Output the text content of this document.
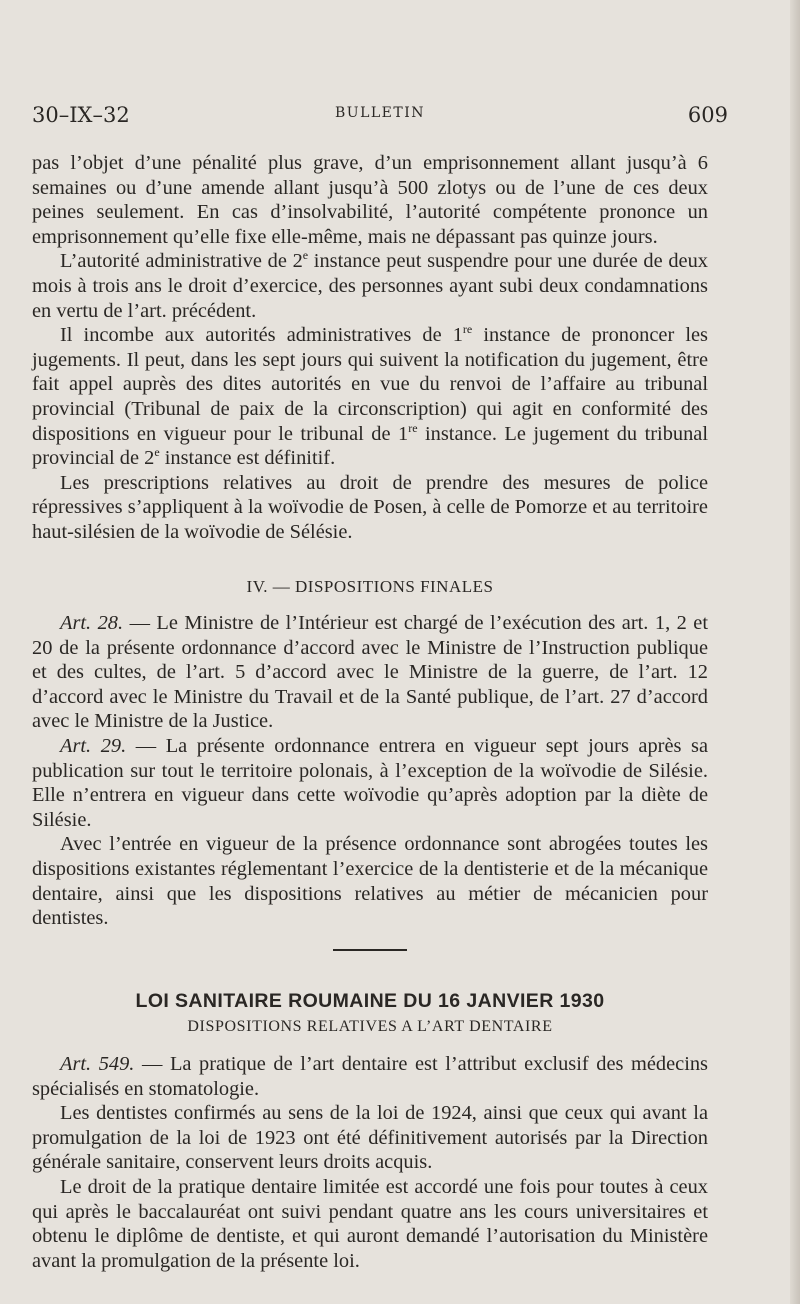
30–IX–32	BULLETIN	609

pas l’objet d’une pénalité plus grave, d’un emprisonnement allant jusqu’à 6 semaines ou d’une amende allant jusqu’à 500 zlotys ou de l’une de ces deux peines seulement. En cas d’insolvabilité, l’autorité compétente prononce un emprisonnement qu’elle fixe elle-même, mais ne dépassant pas quinze jours.

L’autorité administrative de 2e instance peut suspendre pour une durée de deux mois à trois ans le droit d’exercice, des personnes ayant subi deux condamnations en vertu de l’art. précédent.

Il incombe aux autorités administratives de 1re instance de prononcer les jugements. Il peut, dans les sept jours qui suivent la notification du jugement, être fait appel auprès des dites autorités en vue du renvoi de l’affaire au tribunal provincial (Tribunal de paix de la circonscription) qui agit en conformité des dispositions en vigueur pour le tribunal de 1re instance. Le jugement du tribunal provincial de 2e instance est définitif.

Les prescriptions relatives au droit de prendre des mesures de police répressives s’appliquent à la woïvodie de Posen, à celle de Pomorze et au territoire haut-silésien de la woïvodie de Sélésie.

IV. — DISPOSITIONS FINALES

Art. 28. — Le Ministre de l’Intérieur est chargé de l’exécution des art. 1, 2 et 20 de la présente ordonnance d’accord avec le Ministre de l’Instruction publique et des cultes, de l’art. 5 d’accord avec le Ministre de la guerre, de l’art. 12 d’accord avec le Ministre du Travail et de la Santé publique, de l’art. 27 d’accord avec le Ministre de la Justice.

Art. 29. — La présente ordonnance entrera en vigueur sept jours après sa publication sur tout le territoire polonais, à l’exception de la woïvodie de Silésie. Elle n’entrera en vigueur dans cette woïvodie qu’après adoption par la diète de Silésie.

Avec l’entrée en vigueur de la présence ordonnance sont abrogées toutes les dispositions existantes réglementant l’exercice de la dentisterie et de la mécanique dentaire, ainsi que les dispositions relatives au métier de mécanicien pour dentistes.

LOI SANITAIRE ROUMAINE DU 16 JANVIER 1930
DISPOSITIONS RELATIVES A L’ART DENTAIRE

Art. 549. — La pratique de l’art dentaire est l’attribut exclusif des médecins spécialisés en stomatologie.

Les dentistes confirmés au sens de la loi de 1924, ainsi que ceux qui avant la promulgation de la loi de 1923 ont été définitivement autorisés par la Direction générale sanitaire, conservent leurs droits acquis.

Le droit de la pratique dentaire limitée est accordé une fois pour toutes à ceux qui après le baccalauréat ont suivi pendant quatre ans les cours universitaires et obtenu le diplôme de dentiste, et qui auront demandé l’autorisation du Ministère avant la promulgation de la présente loi.
